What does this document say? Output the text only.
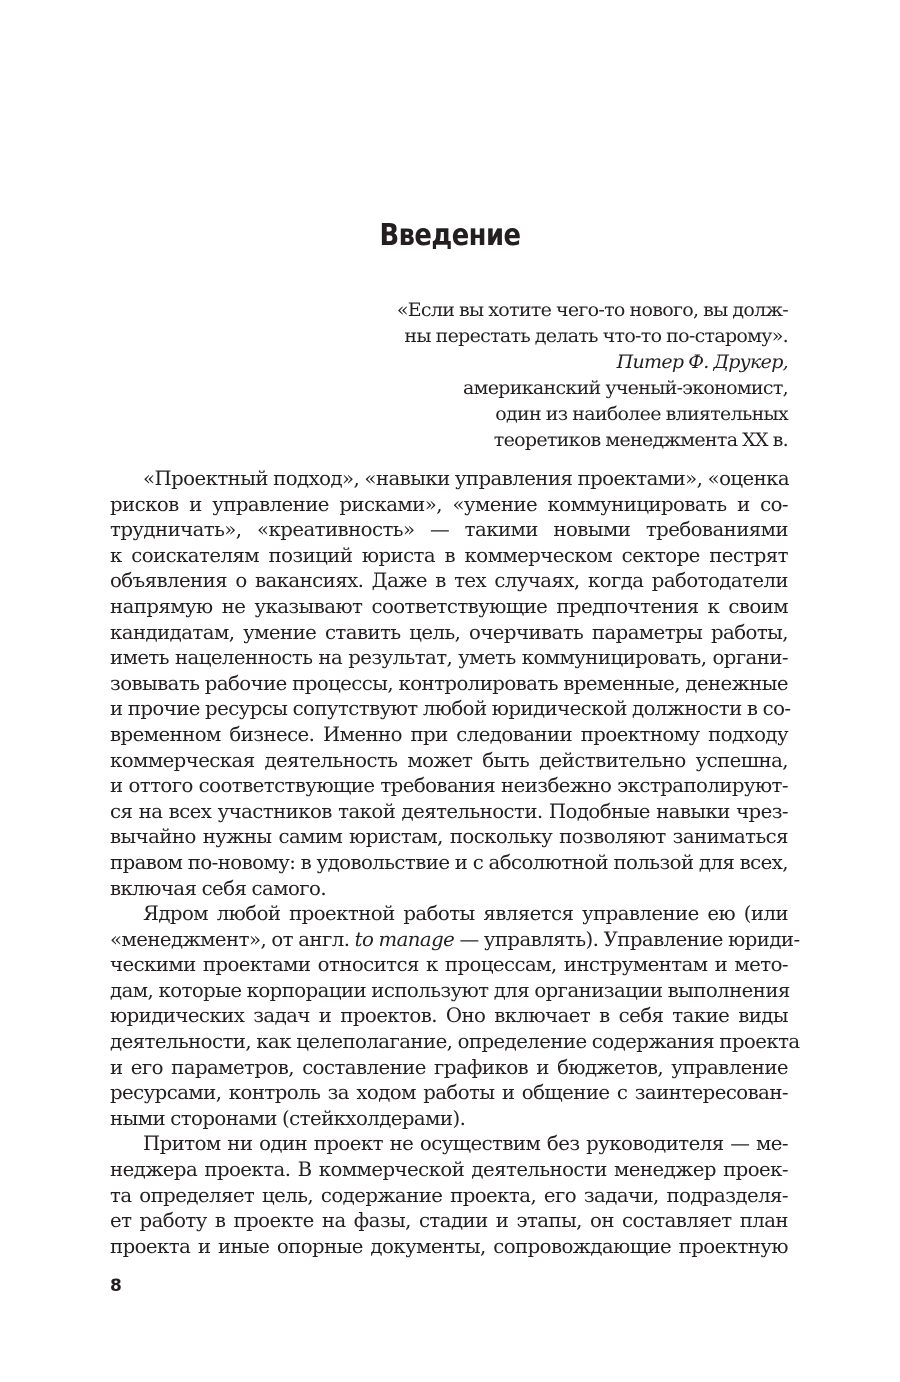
Введение
«Если вы хотите чего-то нового, вы долж-
ны перестать делать что-то по-старому».
Питер Ф. Друкер,
американский ученый-экономист,
один из наиболее влиятельных
теоретиков менеджмента XX в.
«Проектный подход», «навыки управления проектами», «оценка
рисков и управление рисками», «умение коммуницировать и со-
трудничать», «креативность» — такими новыми требованиями
к соискателям позиций юриста в коммерческом секторе пестрят
объявления о вакансиях. Даже в тех случаях, когда работодатели
напрямую не указывают соответствующие предпочтения к своим
кандидатам, умение ставить цель, очерчивать параметры работы,
иметь нацеленность на результат, уметь коммуницировать, органи-
зовывать рабочие процессы, контролировать временные, денежные
и прочие ресурсы сопутствуют любой юридической должности в со-
временном бизнесе. Именно при следовании проектному подходу
коммерческая деятельность может быть действительно успешна,
и оттого соответствующие требования неизбежно экстраполируют-
ся на всех участников такой деятельности. Подобные навыки чрез-
вычайно нужны самим юристам, поскольку позволяют заниматься
правом по-новому: в удовольствие и с абсолютной пользой для всех,
включая себя самого.
Ядром любой проектной работы является управление ею (или
«менеджмент», от англ. to manage — управлять). Управление юриди-
ческими проектами относится к процессам, инструментам и мето-
дам, которые корпорации используют для организации выполнения
юридических задач и проектов. Оно включает в себя такие виды
деятельности, как целеполагание, определение содержания проекта
и его параметров, составление графиков и бюджетов, управление
ресурсами, контроль за ходом работы и общение с заинтересован-
ными сторонами (стейкхолдерами).
Притом ни один проект не осуществим без руководителя — ме-
неджера проекта. В коммерческой деятельности менеджер проек-
та определяет цель, содержание проекта, его задачи, подразделя-
ет работу в проекте на фазы, стадии и этапы, он составляет план
проекта и иные опорные документы, сопровождающие проектную
8
